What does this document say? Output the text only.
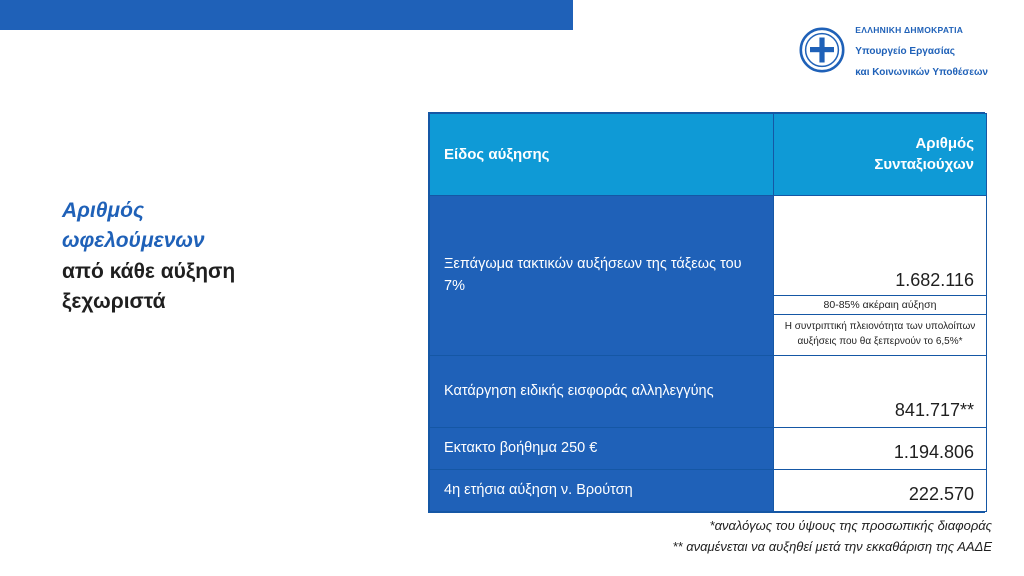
ΕΛΛΗΝΙΚΗ ΔΗΜΟΚΡΑΤΙΑ
Υπουργείο Εργασίας
και Κοινωνικών Υποθέσεων
Αριθμός
ωφελούμενων
από κάθε αύξηση
ξεχωριστά
Είδος αύξησης	Αριθμός
Συνταξιούχων
Ξεπάγωμα τακτικών αυξήσεων της τάξεως του 7%	1.682.116
80-85% ακέραιη αύξηση
Η συντριπτική πλειονότητα των υπολοίπων αυξήσεις που θα ξεπερνούν το 6,5%*

Κατάργηση ειδικής εισφοράς αλληλεγγύης	841.717**

Εκτακτο βοήθημα 250 €	1.194.806

4η ετήσια αύξηση ν. Βρούτση	222.570
*αναλόγως του ύψους της προσωπικής διαφοράς
** αναμένεται να αυξηθεί μετά την εκκαθάριση της ΑΑΔΕ
